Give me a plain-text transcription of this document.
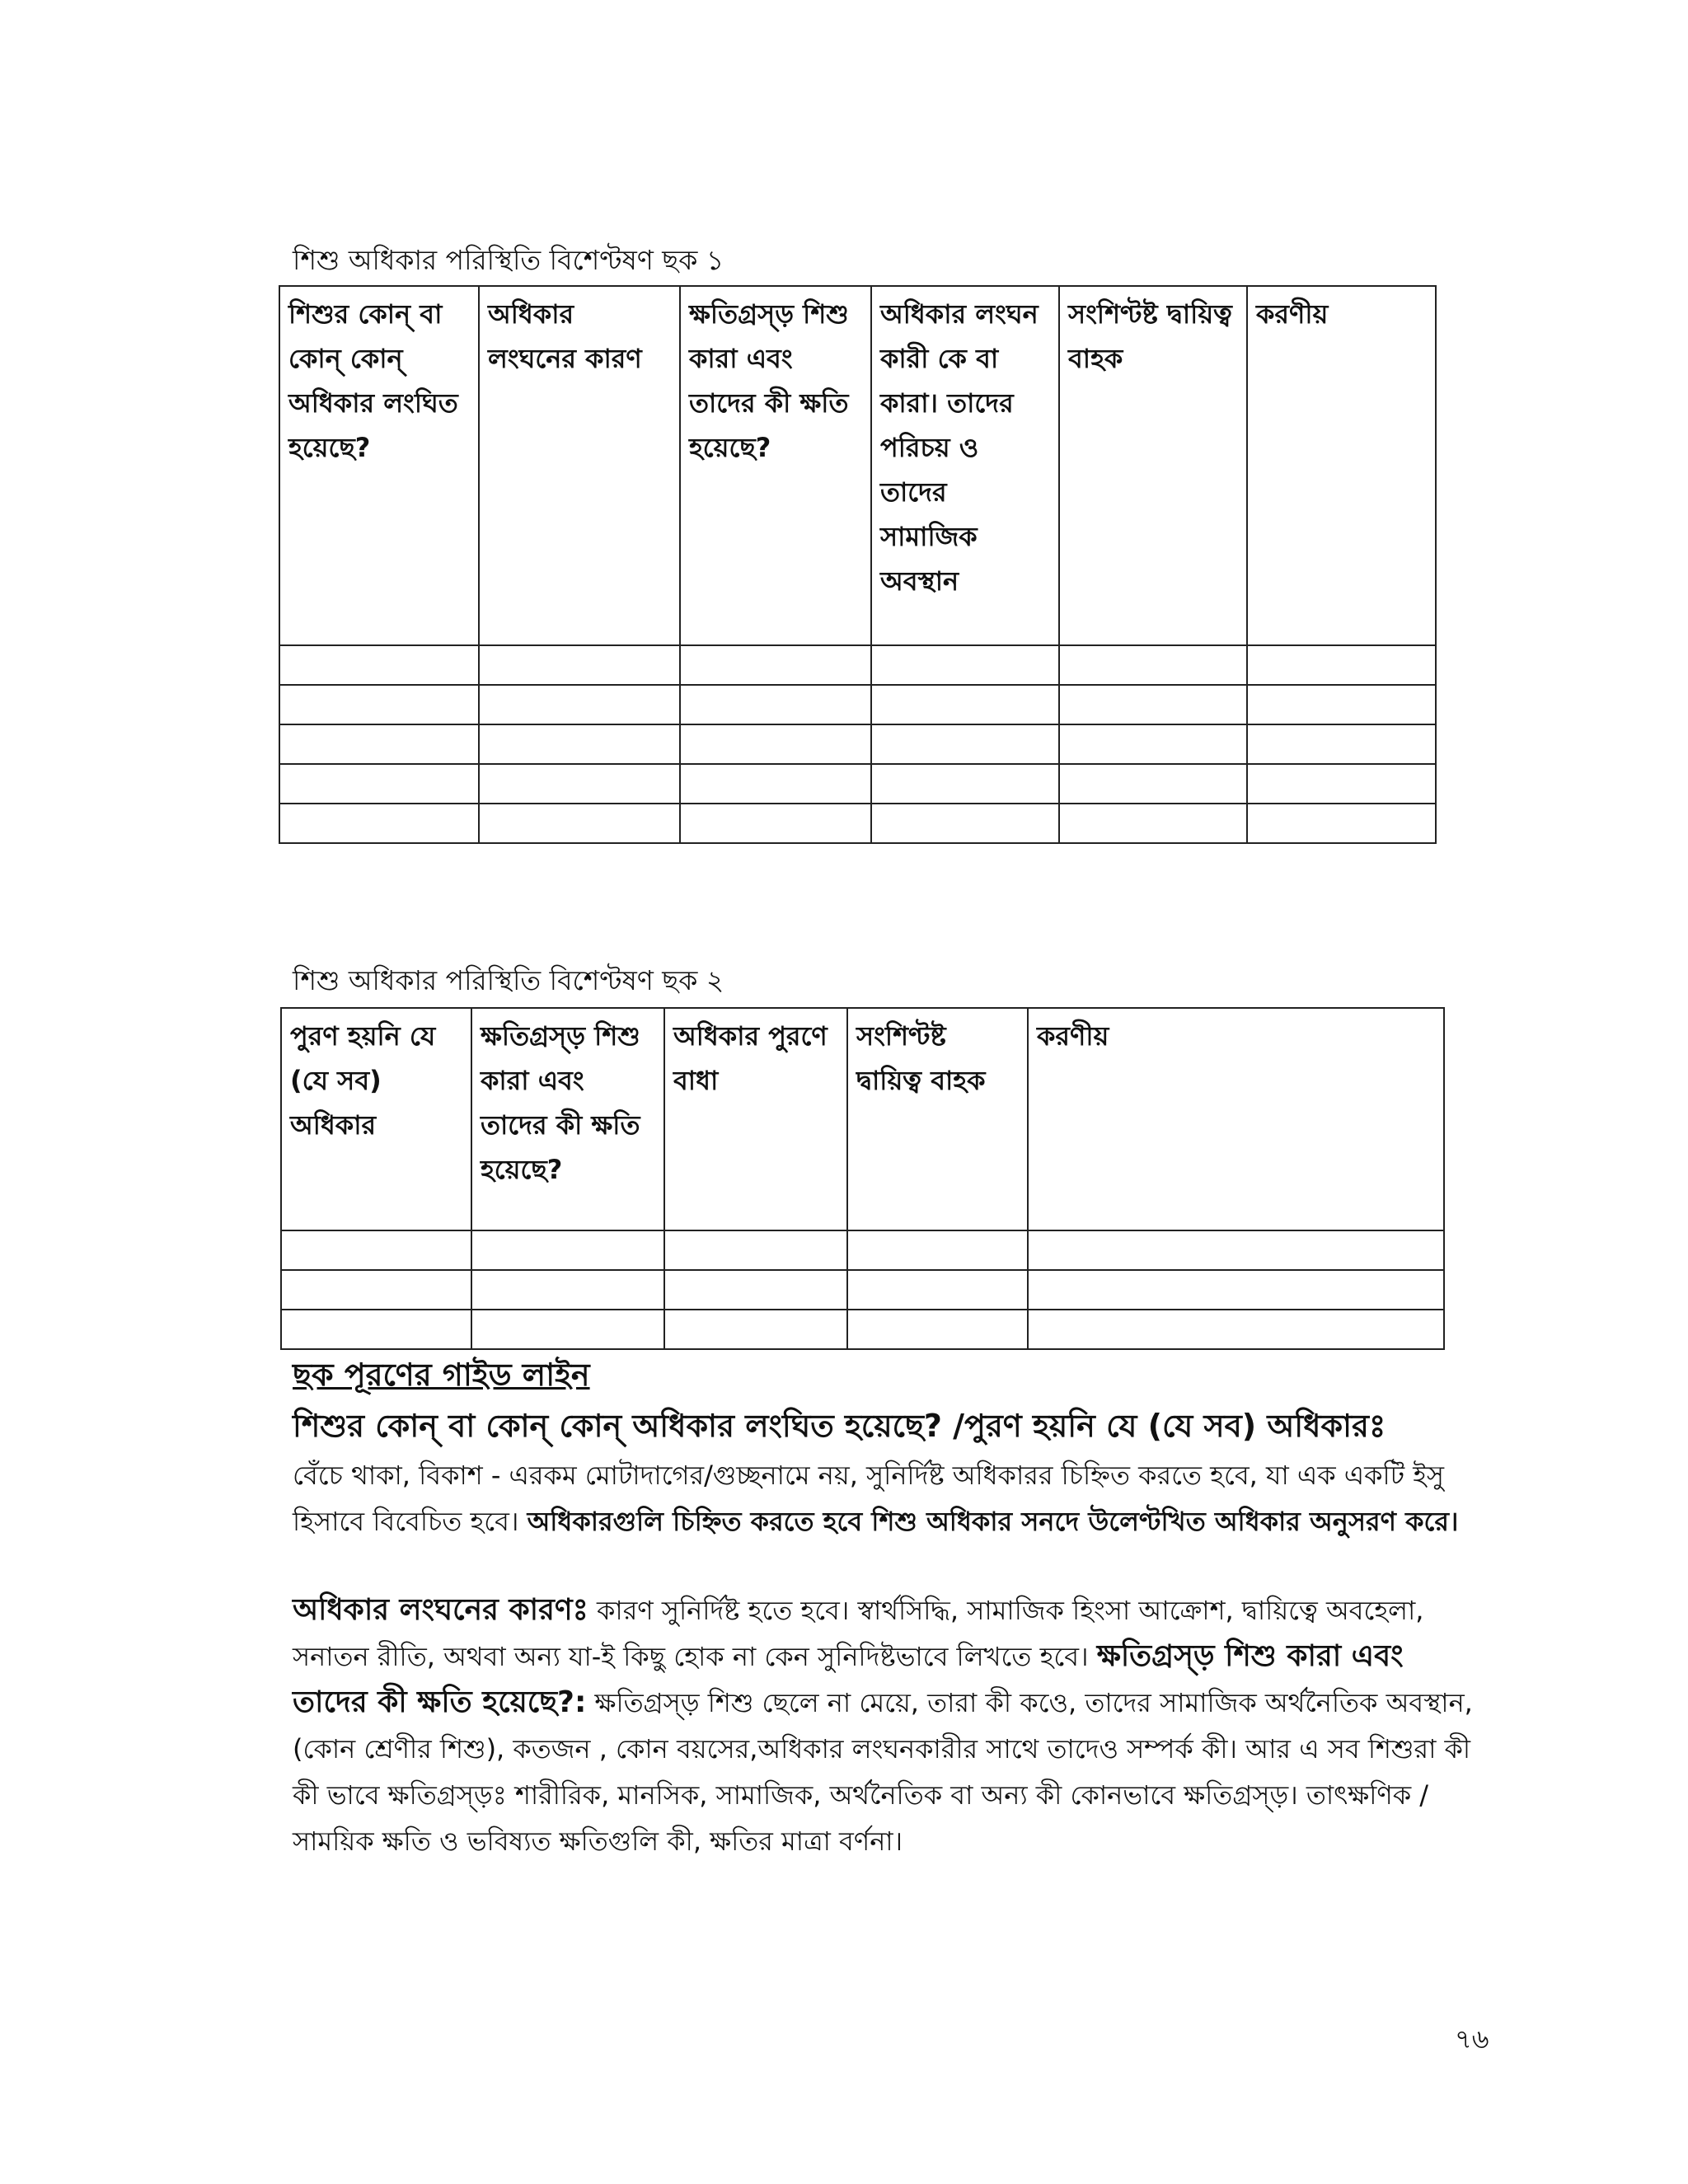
শিশু অধিকার পরিস্থিতি বিশেণ্টষণ ছক ১
শিশুর কোন্ বা কোন্ কোন্ অধিকার লংঘিত হয়েছে?	অধিকার লংঘনের কারণ	ক্ষতিগ্রস্ড় শিশু কারা এবং তাদের কী ক্ষতি হয়েছে?	অধিকার লংঘন কারী কে বা কারা। তাদের পরিচয় ও তাদের সামাজিক অবস্থান	সংশিণ্টষ্ট দ্বায়িত্ব বাহক	করণীয়

শিশু অধিকার পরিস্থিতি বিশেণ্টষণ ছক ২
পুরণ হয়নি যে (যে সব) অধিকার	ক্ষতিগ্রস্ড় শিশু কারা এবং তাদের কী ক্ষতি হয়েছে?	অধিকার পুরণে বাধা	সংশিণ্টষ্ট দ্বায়িত্ব বাহক	করণীয়

ছক পূরণের গাইড লাইন
শিশুর কোন্ বা কোন্ কোন্ অধিকার লংঘিত হয়েছে? /পুরণ হয়নি যে (যে সব) অধিকারঃ
বেঁচে থাকা, বিকাশ - এরকম মোটাদাগের/গুচ্ছনামে নয়, সুনির্দিষ্ট অধিকারর চিহ্নিত করতে হবে, যা এক একটি ইসু হিসাবে বিবেচিত হবে। অধিকারগুলি চিহ্নিত করতে হবে শিশু অধিকার সনদে উলেণ্টখিত অধিকার অনুসরণ করে।
অধিকার লংঘনের কারণঃ কারণ সুনির্দিষ্ট হতে হবে। স্বার্থসিদ্ধি, সামাজিক হিংসা আক্রোশ, দ্বায়িত্বে অবহেলা, সনাতন রীতি, অথবা অন্য যা-ই কিছু হোক না কেন সুনিদিষ্টভাবে লিখতে হবে। ক্ষতিগ্রস্ড় শিশু কারা এবং তাদের কী ক্ষতি হয়েছে?: ক্ষতিগ্রস্ড় শিশু ছেলে না মেয়ে, তারা কী কওে, তাদের সামাজিক অর্থনৈতিক অবস্থান,(কোন শ্রেণীর শিশু), কতজন , কোন বয়সের,অধিকার লংঘনকারীর সাথে তাদেও সম্পর্ক কী। আর এ সব শিশুরা কী কী ভাবে ক্ষতিগ্রস্ড়ঃ শারীরিক, মানসিক, সামাজিক, অর্থনৈতিক বা অন্য কী কোনভাবে ক্ষতিগ্রস্ড়। তাৎক্ষণিক /সাময়িক ক্ষতি ও ভবিষ্যত ক্ষতিগুলি কী, ক্ষতির মাত্রা বর্ণনা।
৭৬
